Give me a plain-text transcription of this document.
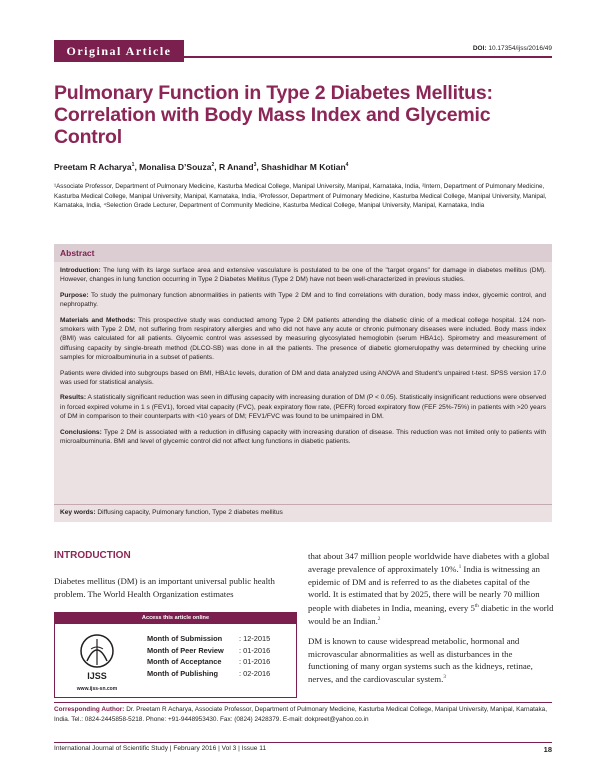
Original Article	DOI: 10.17354/ijss/2016/49
Pulmonary Function in Type 2 Diabetes Mellitus: Correlation with Body Mass Index and Glycemic Control
Preetam R Acharya$^1$, Monalisa D’Souza$^2$, R Anand$^3$, Shashidhar M Kotian$^4$
¹Associate Professor, Department of Pulmonary Medicine, Kasturba Medical College, Manipal University, Manipal, Karnataka, India, ²Intern, Department of Pulmonary Medicine, Kasturba Medical College, Manipal University, Manipal, Karnataka, India, ³Professor, Department of Pulmonary Medicine, Kasturba Medical College, Manipal University, Manipal, Karnataka, India, ⁴Selection Grade Lecturer, Department of Community Medicine, Kasturba Medical College, Manipal University, Manipal, Karnataka, India
Abstract

Introduction: The lung with its large surface area and extensive vasculature is postulated to be one of the "target organs" for damage in diabetes mellitus (DM). However, changes in lung function occurring in Type 2 Diabetes Mellitus (Type 2 DM) have not been well-characterized in previous studies.

Purpose: To study the pulmonary function abnormalities in patients with Type 2 DM and to find correlations with duration, body mass index, glycemic control, and nephropathy.

Materials and Methods: This prospective study was conducted among Type 2 DM patients attending the diabetic clinic of a medical college hospital. 124 non-smokers with Type 2 DM, not suffering from respiratory allergies and who did not have any acute or chronic pulmonary diseases were included. Body mass index (BMI) was calculated for all patients. Glycemic control was assessed by measuring glycosylated hemoglobin (serum HBA1c). Spirometry and measurement of diffusing capacity by single-breath method (DLCO-SB) was done in all the patients. The presence of diabetic glomerulopathy was determined by checking urine samples for microalbuminuria in a subset of patients.

Patients were divided into subgroups based on BMI, HBA1c levels, duration of DM and data analyzed using ANOVA and Student's unpaired t-test. SPSS version 17.0 was used for statistical analysis.

Results: A statistically significant reduction was seen in diffusing capacity with increasing duration of DM (P < 0.05). Statistically insignificant reductions were observed in forced expired volume in 1 s (FEV1), forced vital capacity (FVC), peak expiratory flow rate, (PEFR) forced expiratory flow (FEF 25%-75%) in patients with >20 years of DM in comparison to their counterparts with <10 years of DM; FEV1/FVC was found to be unimpaired in DM.

Conclusions: Type 2 DM is associated with a reduction in diffusing capacity with increasing duration of disease. This reduction was not limited only to patients with microalbuminuria. BMI and level of glycemic control did not affect lung functions in diabetic patients.

Key words: Diffusing capacity, Pulmonary function, Type 2 diabetes mellitus
INTRODUCTION
Diabetes mellitus (DM) is an important universal public health problem. The World Health Organization estimates
Access this article online
IJSS
www.ijss-sn.com
Month of Submission	: 12-2015
Month of Peer Review	: 01-2016
Month of Acceptance	: 01-2016
Month of Publishing	: 02-2016

that about 347 million people worldwide have diabetes with a global average prevalence of approximately 10%.$^1$ India is witnessing an epidemic of DM and is referred to as the diabetes capital of the world. It is estimated that by 2025, there will be nearly 70 million people with diabetes in India, meaning, every 5th diabetic in the world would be an Indian.$^2$

DM is known to cause widespread metabolic, hormonal and microvascular abnormalities as well as disturbances in the functioning of many organ systems such as the kidneys, retinae, nerves, and the cardiovascular system.$^3$

Corresponding Author: Dr. Preetam R Acharya, Associate Professor, Department of Pulmonary Medicine, Kasturba Medical College, Manipal University, Manipal, Karnataka, India. Tel.: 0824-2445858-5218. Phone: +91-9448953430. Fax: (0824) 2428379. E-mail: dokpreet@yahoo.co.in
International Journal of Scientific Study | February 2016 | Vol 3 | Issue 11	18
